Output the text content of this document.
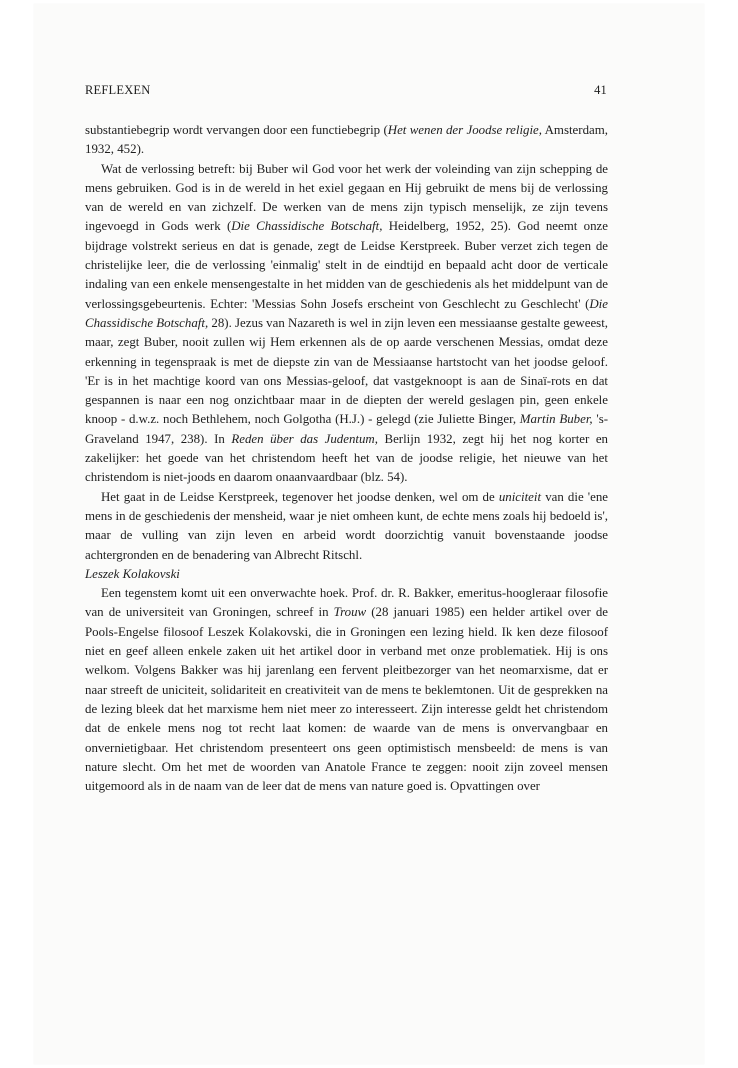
REFLEXEN	41

substantiebegrip wordt vervangen door een functiebegrip (Het wenen der Joodse religie, Amsterdam, 1932, 452).

Wat de verlossing betreft: bij Buber wil God voor het werk der voleinding van zijn schepping de mens gebruiken. God is in de wereld in het exiel gegaan en Hij gebruikt de mens bij de verlossing van de wereld en van zichzelf. De werken van de mens zijn typisch menselijk, ze zijn tevens ingevoegd in Gods werk (Die Chassidische Botschaft, Heidelberg, 1952, 25). God neemt onze bijdrage volstrekt serieus en dat is genade, zegt de Leidse Kerstpreek. Buber verzet zich tegen de christelijke leer, die de verlossing 'einmalig' stelt in de eindtijd en bepaald acht door de verticale indaling van een enkele mensengestalte in het midden van de geschiedenis als het middelpunt van de verlossingsgebeurtenis. Echter: 'Messias Sohn Josefs erscheint von Geschlecht zu Geschlecht' (Die Chassidische Botschaft, 28). Jezus van Nazareth is wel in zijn leven een messiaanse gestalte geweest, maar, zegt Buber, nooit zullen wij Hem erkennen als de op aarde verschenen Messias, omdat deze erkenning in tegenspraak is met de diepste zin van de Messiaanse hartstocht van het joodse geloof. 'Er is in het machtige koord van ons Messias-geloof, dat vastgeknoopt is aan de Sinaï-rots en dat gespannen is naar een nog onzichtbaar maar in de diepten der wereld geslagen pin, geen enkele knoop - d.w.z. noch Bethlehem, noch Golgotha (H.J.) - gelegd (zie Juliette Binger, Martin Buber, 's-Graveland 1947, 238). In Reden über das Judentum, Berlijn 1932, zegt hij het nog korter en zakelijker: het goede van het christendom heeft het van de joodse religie, het nieuwe van het christendom is niet-joods en daarom onaanvaardbaar (blz. 54).

Het gaat in de Leidse Kerstpreek, tegenover het joodse denken, wel om de uniciteit van die 'ene mens in de geschiedenis der mensheid, waar je niet omheen kunt, de echte mens zoals hij bedoeld is', maar de vulling van zijn leven en arbeid wordt doorzichtig vanuit bovenstaande joodse achtergronden en de benadering van Albrecht Ritschl.

Leszek Kolakovski

Een tegenstem komt uit een onverwachte hoek. Prof. dr. R. Bakker, emeritus-hoogleraar filosofie van de universiteit van Groningen, schreef in Trouw (28 januari 1985) een helder artikel over de Pools-Engelse filosoof Leszek Kolakovski, die in Groningen een lezing hield. Ik ken deze filosoof niet en geef alleen enkele zaken uit het artikel door in verband met onze problematiek. Hij is ons welkom. Volgens Bakker was hij jarenlang een fervent pleitbezorger van het neomarxisme, dat er naar streeft de uniciteit, solidariteit en creativiteit van de mens te beklemtonen. Uit de gesprekken na de lezing bleek dat het marxisme hem niet meer zo interesseert. Zijn interesse geldt het christendom dat de enkele mens nog tot recht laat komen: de waarde van de mens is onvervangbaar en onvernietigbaar. Het christendom presenteert ons geen optimistisch mensbeeld: de mens is van nature slecht. Om het met de woorden van Anatole France te zeggen: nooit zijn zoveel mensen uitgemoord als in de naam van de leer dat de mens van nature goed is. Opvattingen over
